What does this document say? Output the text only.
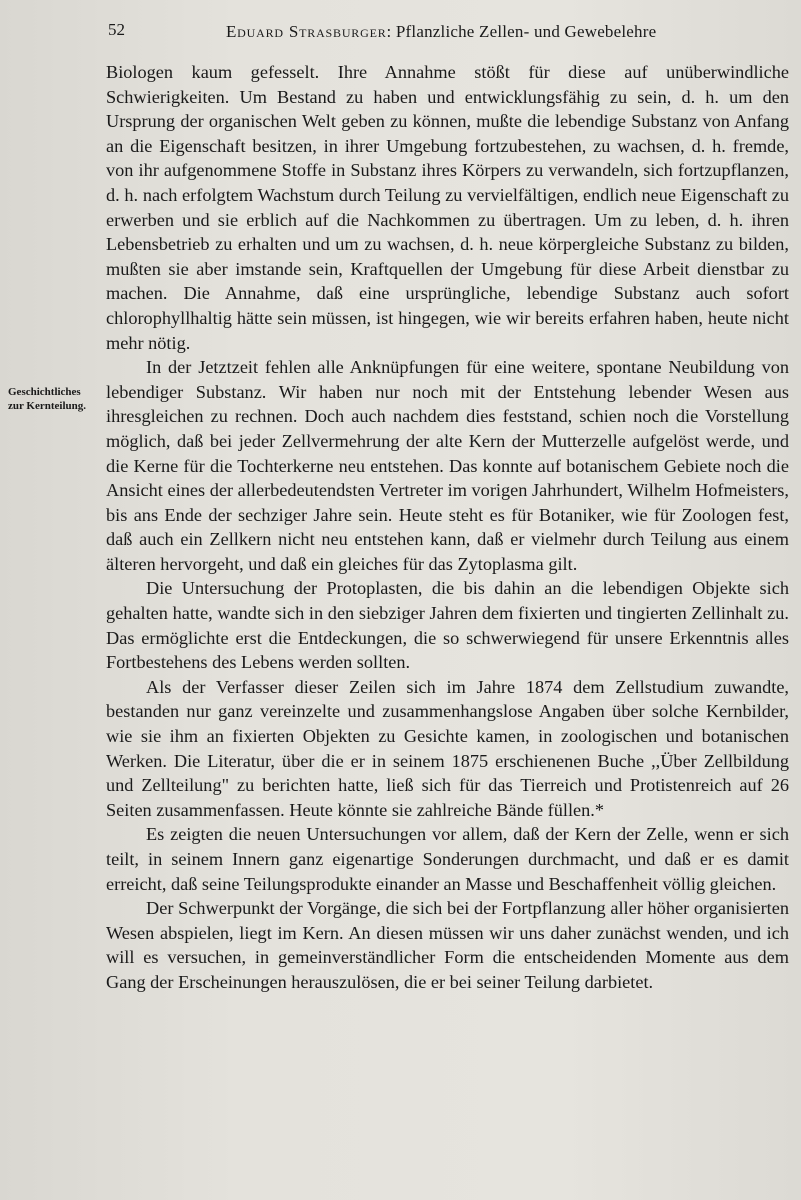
52	Eduard Strasburger: Pflanzliche Zellen- und Gewebelehre
Geschichtliches
zur Kernteilung.

Biologen kaum gefesselt. Ihre Annahme stößt für diese auf unüberwindliche Schwierigkeiten. Um Bestand zu haben und entwicklungsfähig zu sein, d. h. um den Ursprung der organischen Welt geben zu können, mußte die lebendige Substanz von Anfang an die Eigenschaft besitzen, in ihrer Umgebung fortzubestehen, zu wachsen, d. h. fremde, von ihr aufgenommene Stoffe in Substanz ihres Körpers zu verwandeln, sich fortzupflanzen, d. h. nach erfolgtem Wachstum durch Teilung zu vervielfältigen, endlich neue Eigenschaft zu erwerben und sie erblich auf die Nachkommen zu übertragen. Um zu leben, d. h. ihren Lebensbetrieb zu erhalten und um zu wachsen, d. h. neue körpergleiche Substanz zu bilden, mußten sie aber imstande sein, Kraftquellen der Umgebung für diese Arbeit dienstbar zu machen. Die Annahme, daß eine ursprüngliche, lebendige Substanz auch sofort chlorophyllhaltig hätte sein müssen, ist hingegen, wie wir bereits erfahren haben, heute nicht mehr nötig.

In der Jetztzeit fehlen alle Anknüpfungen für eine weitere, spontane Neubildung von lebendiger Substanz. Wir haben nur noch mit der Entstehung lebender Wesen aus ihresgleichen zu rechnen. Doch auch nachdem dies feststand, schien noch die Vorstellung möglich, daß bei jeder Zellvermehrung der alte Kern der Mutterzelle aufgelöst werde, und die Kerne für die Tochterkerne neu entstehen. Das konnte auf botanischem Gebiete noch die Ansicht eines der allerbedeutendsten Vertreter im vorigen Jahrhundert, Wilhelm Hofmeisters, bis ans Ende der sechziger Jahre sein. Heute steht es für Botaniker, wie für Zoologen fest, daß auch ein Zellkern nicht neu entstehen kann, daß er vielmehr durch Teilung aus einem älteren hervorgeht, und daß ein gleiches für das Zytoplasma gilt.

Die Untersuchung der Protoplasten, die bis dahin an die lebendigen Objekte sich gehalten hatte, wandte sich in den siebziger Jahren dem fixierten und tingierten Zellinhalt zu. Das ermöglichte erst die Entdeckungen, die so schwerwiegend für unsere Erkenntnis alles Fortbestehens des Lebens werden sollten.

Als der Verfasser dieser Zeilen sich im Jahre 1874 dem Zellstudium zuwandte, bestanden nur ganz vereinzelte und zusammenhangslose Angaben über solche Kernbilder, wie sie ihm an fixierten Objekten zu Gesichte kamen, in zoologischen und botanischen Werken. Die Literatur, über die er in seinem 1875 erschienenen Buche ,,Über Zellbildung und Zellteilung" zu berichten hatte, ließ sich für das Tierreich und Protistenreich auf 26 Seiten zusammenfassen. Heute könnte sie zahlreiche Bände füllen.*

Es zeigten die neuen Untersuchungen vor allem, daß der Kern der Zelle, wenn er sich teilt, in seinem Innern ganz eigenartige Sonderungen durchmacht, und daß er es damit erreicht, daß seine Teilungsprodukte einander an Masse und Beschaffenheit völlig gleichen.

Der Schwerpunkt der Vorgänge, die sich bei der Fortpflanzung aller höher organisierten Wesen abspielen, liegt im Kern. An diesen müssen wir uns daher zunächst wenden, und ich will es versuchen, in gemeinverständlicher Form die entscheidenden Momente aus dem Gang der Erscheinungen herauszulösen, die er bei seiner Teilung darbietet.
